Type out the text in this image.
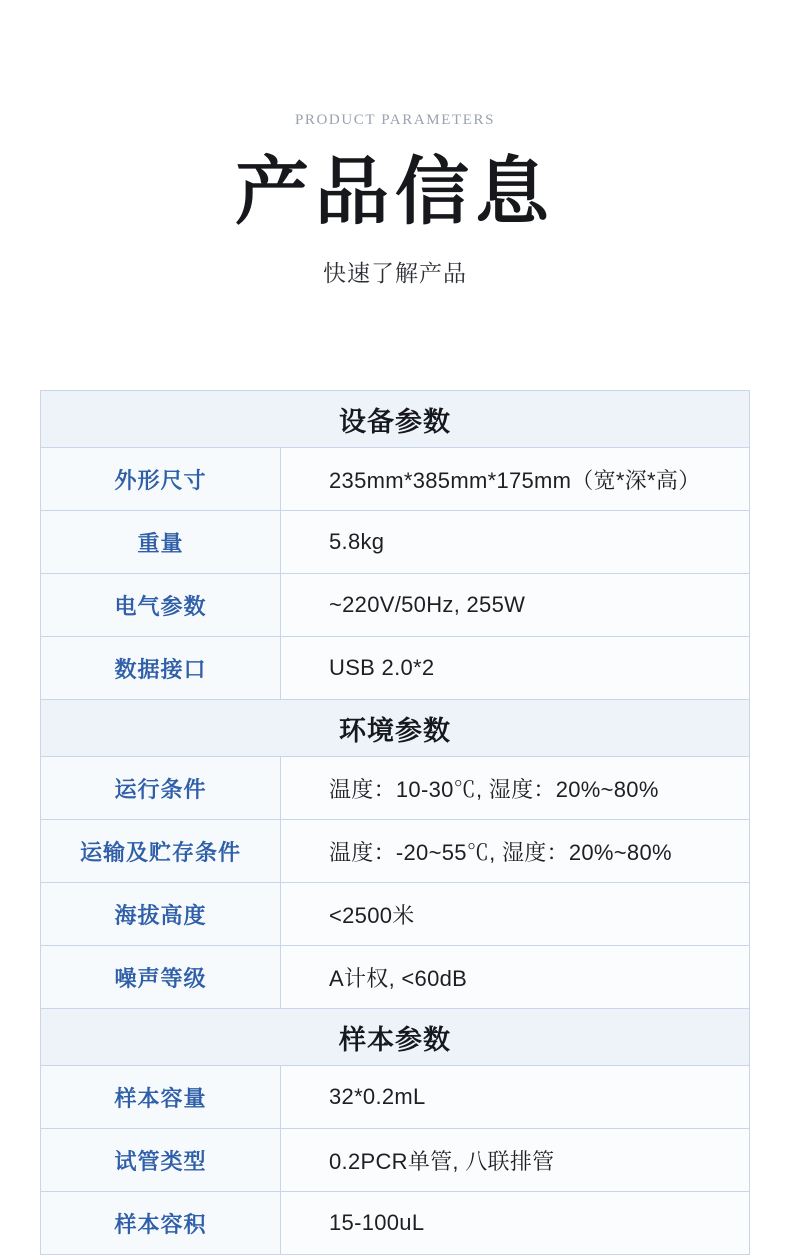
PRODUCT PARAMETERS
产品信息
快速了解产品
设备参数
外形尺寸	235mm*385mm*175mm（宽*深*高）
重量	5.8kg
电气参数	~220V/50Hz, 255W
数据接口	USB 2.0*2
环境参数
运行条件	温度：10-30℃, 湿度：20%~80%
运输及贮存条件	温度：-20~55℃, 湿度：20%~80%
海拔高度	<2500米
噪声等级	A计权, <60dB
样本参数
样本容量	32*0.2mL
试管类型	0.2PCR单管, 八联排管
样本容积	15-100uL
